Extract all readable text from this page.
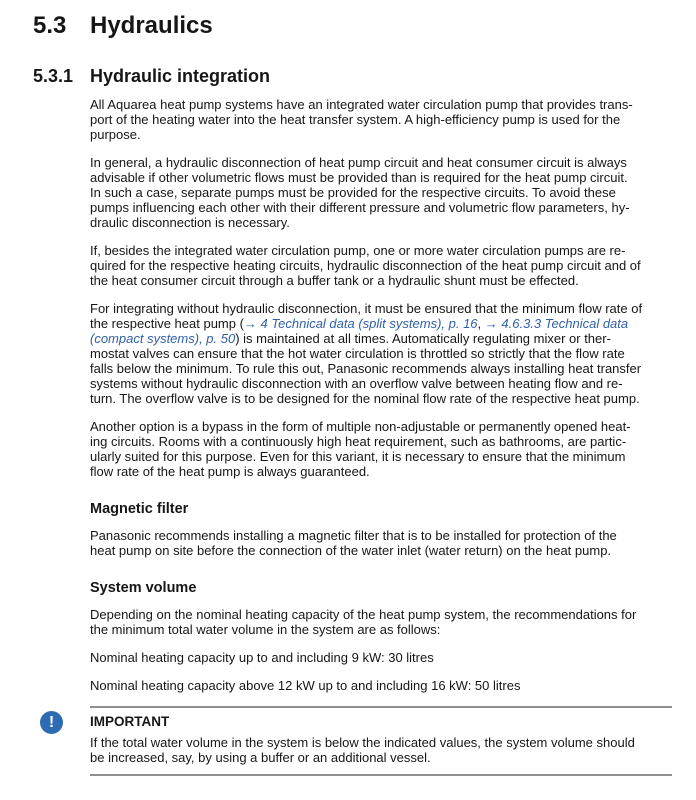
5.3 Hydraulics
5.3.1 Hydraulic integration
All Aquarea heat pump systems have an integrated water circulation pump that provides trans-
port of the heating water into the heat transfer system. A high-efficiency pump is used for the
purpose.
In general, a hydraulic disconnection of heat pump circuit and heat consumer circuit is always
advisable if other volumetric flows must be provided than is required for the heat pump circuit.
In such a case, separate pumps must be provided for the respective circuits. To avoid these
pumps influencing each other with their different pressure and volumetric flow parameters, hy-
draulic disconnection is necessary.
If, besides the integrated water circulation pump, one or more water circulation pumps are re-
quired for the respective heating circuits, hydraulic disconnection of the heat pump circuit and of
the heat consumer circuit through a buffer tank or a hydraulic shunt must be effected.
For integrating without hydraulic disconnection, it must be ensured that the minimum flow rate of
the respective heat pump (→ 4 Technical data (split systems), p. 16, → 4.6.3.3 Technical data
(compact systems), p. 50) is maintained at all times. Automatically regulating mixer or ther-
mostat valves can ensure that the hot water circulation is throttled so strictly that the flow rate
falls below the minimum. To rule this out, Panasonic recommends always installing heat transfer
systems without hydraulic disconnection with an overflow valve between heating flow and re-
turn. The overflow valve is to be designed for the nominal flow rate of the respective heat pump.
Another option is a bypass in the form of multiple non-adjustable or permanently opened heat-
ing circuits. Rooms with a continuously high heat requirement, such as bathrooms, are partic-
ularly suited for this purpose. Even for this variant, it is necessary to ensure that the minimum
flow rate of the heat pump is always guaranteed.
Magnetic filter
Panasonic recommends installing a magnetic filter that is to be installed for protection of the
heat pump on site before the connection of the water inlet (water return) on the heat pump.
System volume
Depending on the nominal heating capacity of the heat pump system, the recommendations for
the minimum total water volume in the system are as follows:
Nominal heating capacity up to and including 9 kW: 30 litres
Nominal heating capacity above 12 kW up to and including 16 kW: 50 litres
!	IMPORTANT
If the total water volume in the system is below the indicated values, the system volume should
be increased, say, by using a buffer or an additional vessel.
